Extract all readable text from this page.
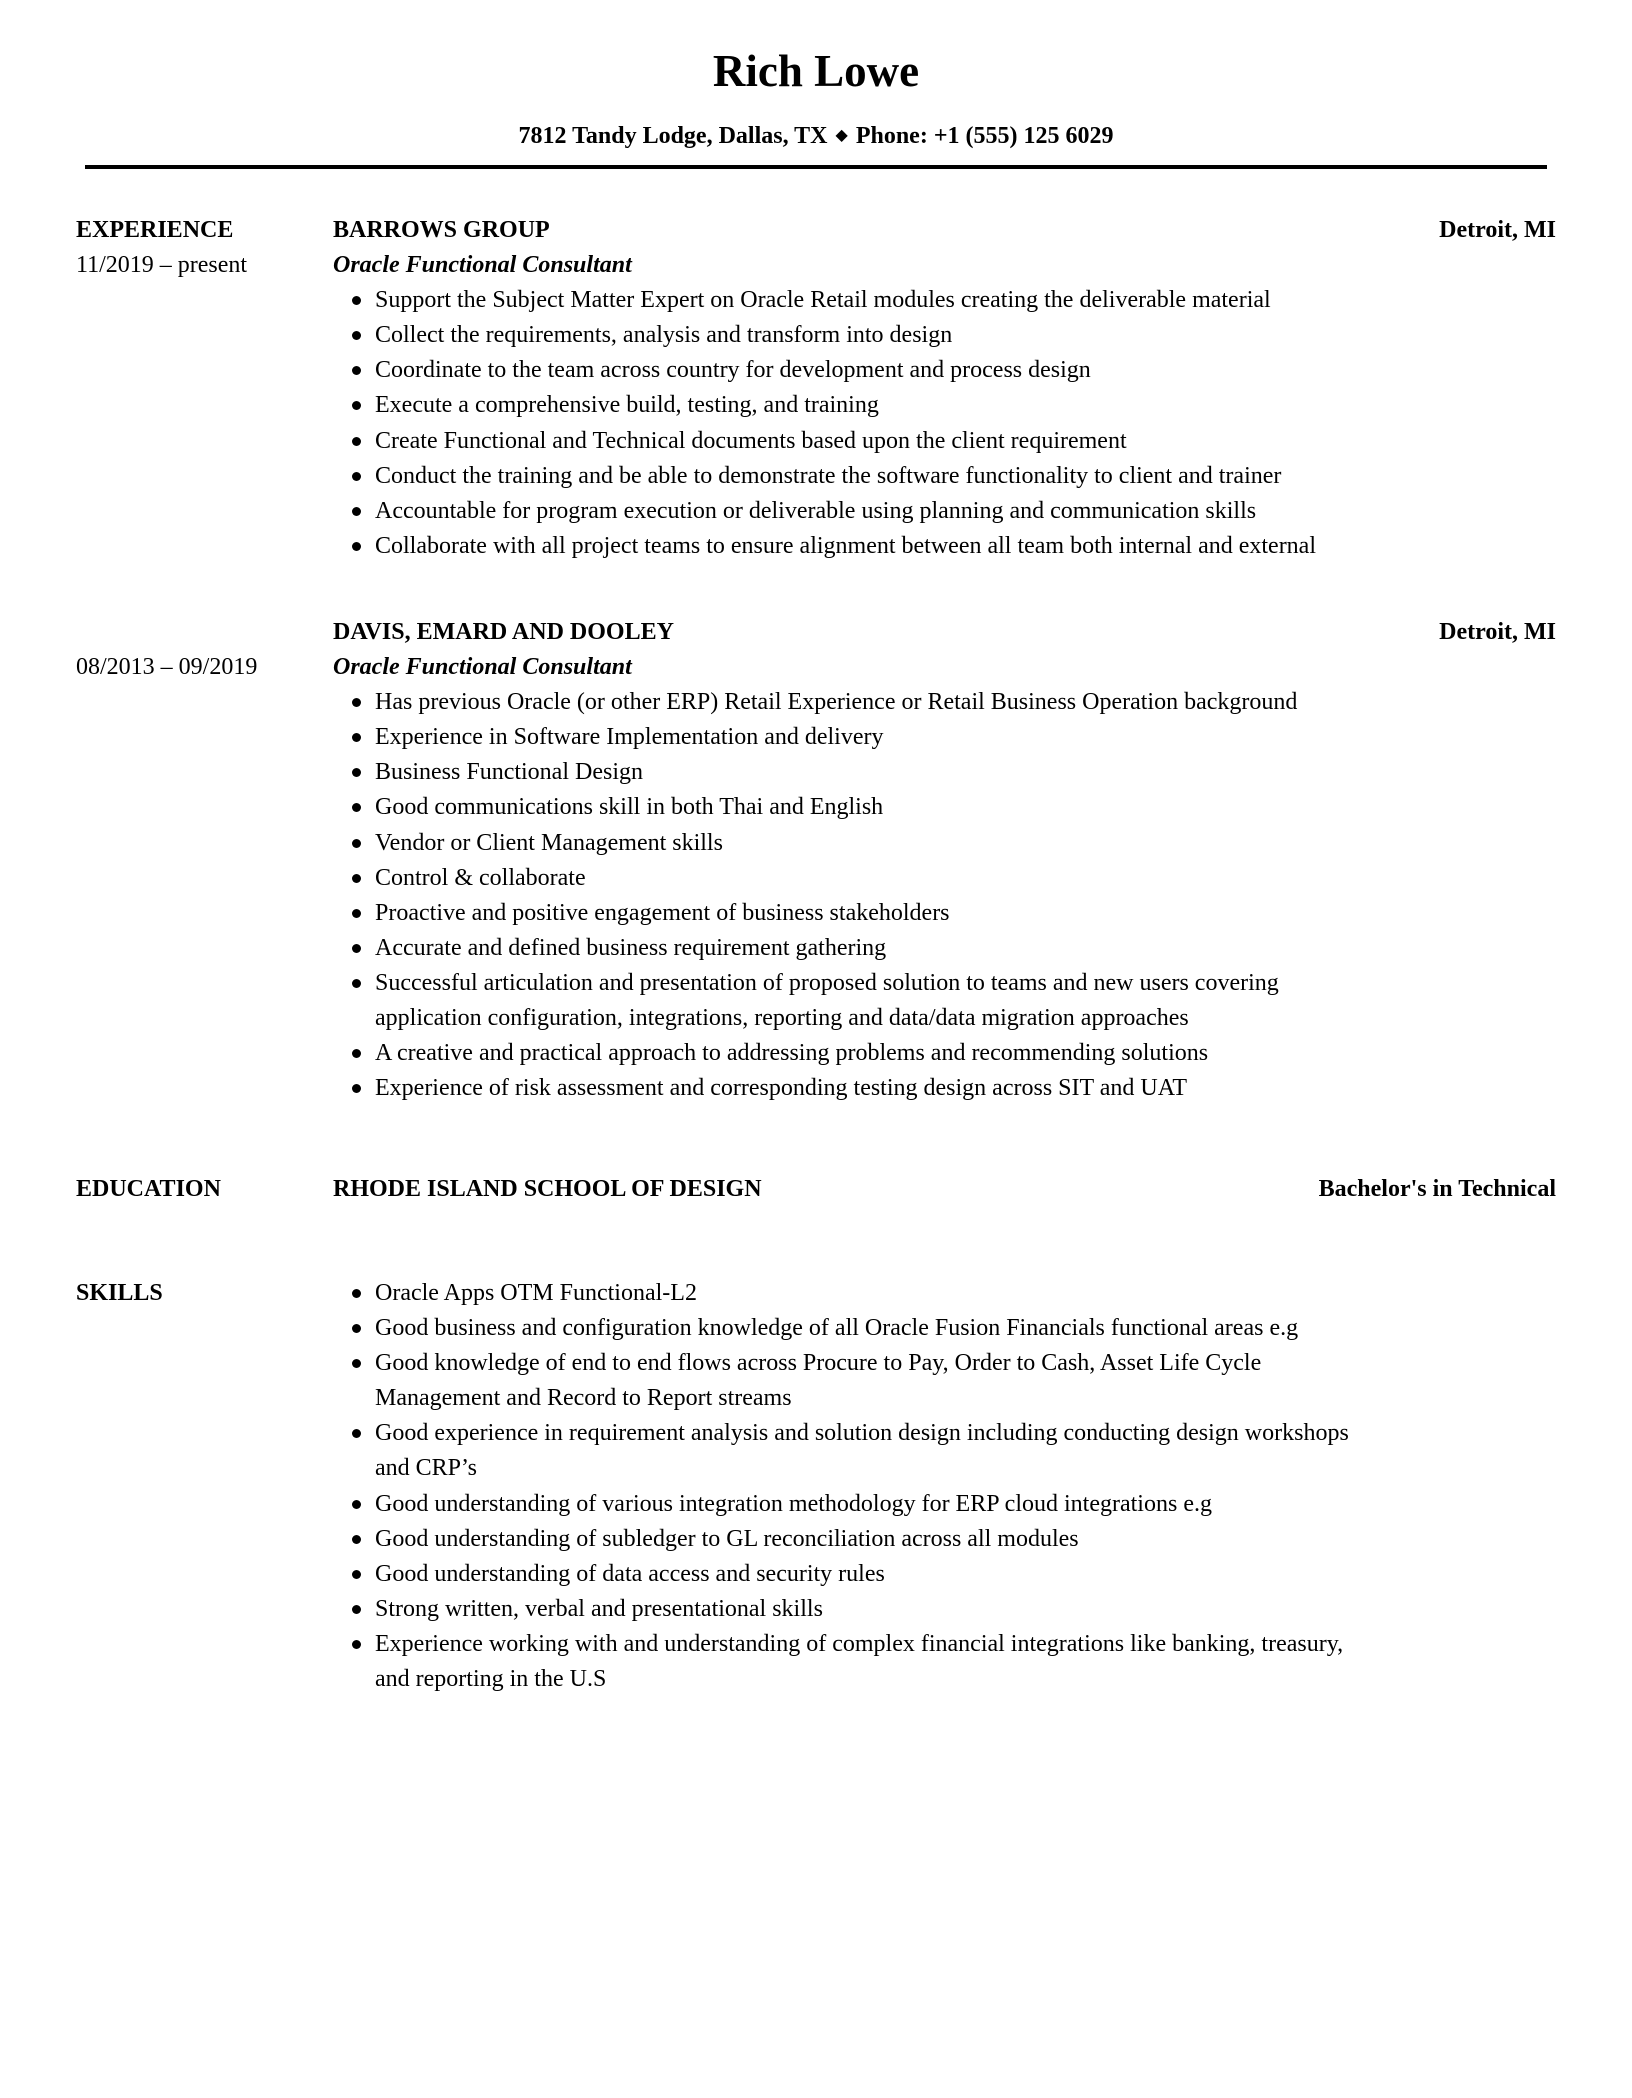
Rich Lowe
7812 Tandy Lodge, Dallas, TX ◆ Phone: +1 (555) 125 6029
EXPERIENCE
11/2019 – present
BARROWS GROUP	Detroit, MI
Oracle Functional Consultant
Support the Subject Matter Expert on Oracle Retail modules creating the deliverable material
Collect the requirements, analysis and transform into design
Coordinate to the team across country for development and process design
Execute a comprehensive build, testing, and training
Create Functional and Technical documents based upon the client requirement
Conduct the training and be able to demonstrate the software functionality to client and trainer
Accountable for program execution or deliverable using planning and communication skills
Collaborate with all project teams to ensure alignment between all team both internal and external
08/2013 – 09/2019
DAVIS, EMARD AND DOOLEY	Detroit, MI
Oracle Functional Consultant
Has previous Oracle (or other ERP) Retail Experience or Retail Business Operation background
Experience in Software Implementation and delivery
Business Functional Design
Good communications skill in both Thai and English
Vendor or Client Management skills
Control & collaborate
Proactive and positive engagement of business stakeholders
Accurate and defined business requirement gathering
Successful articulation and presentation of proposed solution to teams and new users covering
application configuration, integrations, reporting and data/data migration approaches
A creative and practical approach to addressing problems and recommending solutions
Experience of risk assessment and corresponding testing design across SIT and UAT
EDUCATION	RHODE ISLAND SCHOOL OF DESIGN	Bachelor's in Technical
SKILLS	Oracle Apps OTM Functional-L2
Good business and configuration knowledge of all Oracle Fusion Financials functional areas e.g
Good knowledge of end to end flows across Procure to Pay, Order to Cash, Asset Life Cycle
Management and Record to Report streams
Good experience in requirement analysis and solution design including conducting design workshops
and CRP’s
Good understanding of various integration methodology for ERP cloud integrations e.g
Good understanding of subledger to GL reconciliation across all modules
Good understanding of data access and security rules
Strong written, verbal and presentational skills
Experience working with and understanding of complex financial integrations like banking, treasury,
and reporting in the U.S
